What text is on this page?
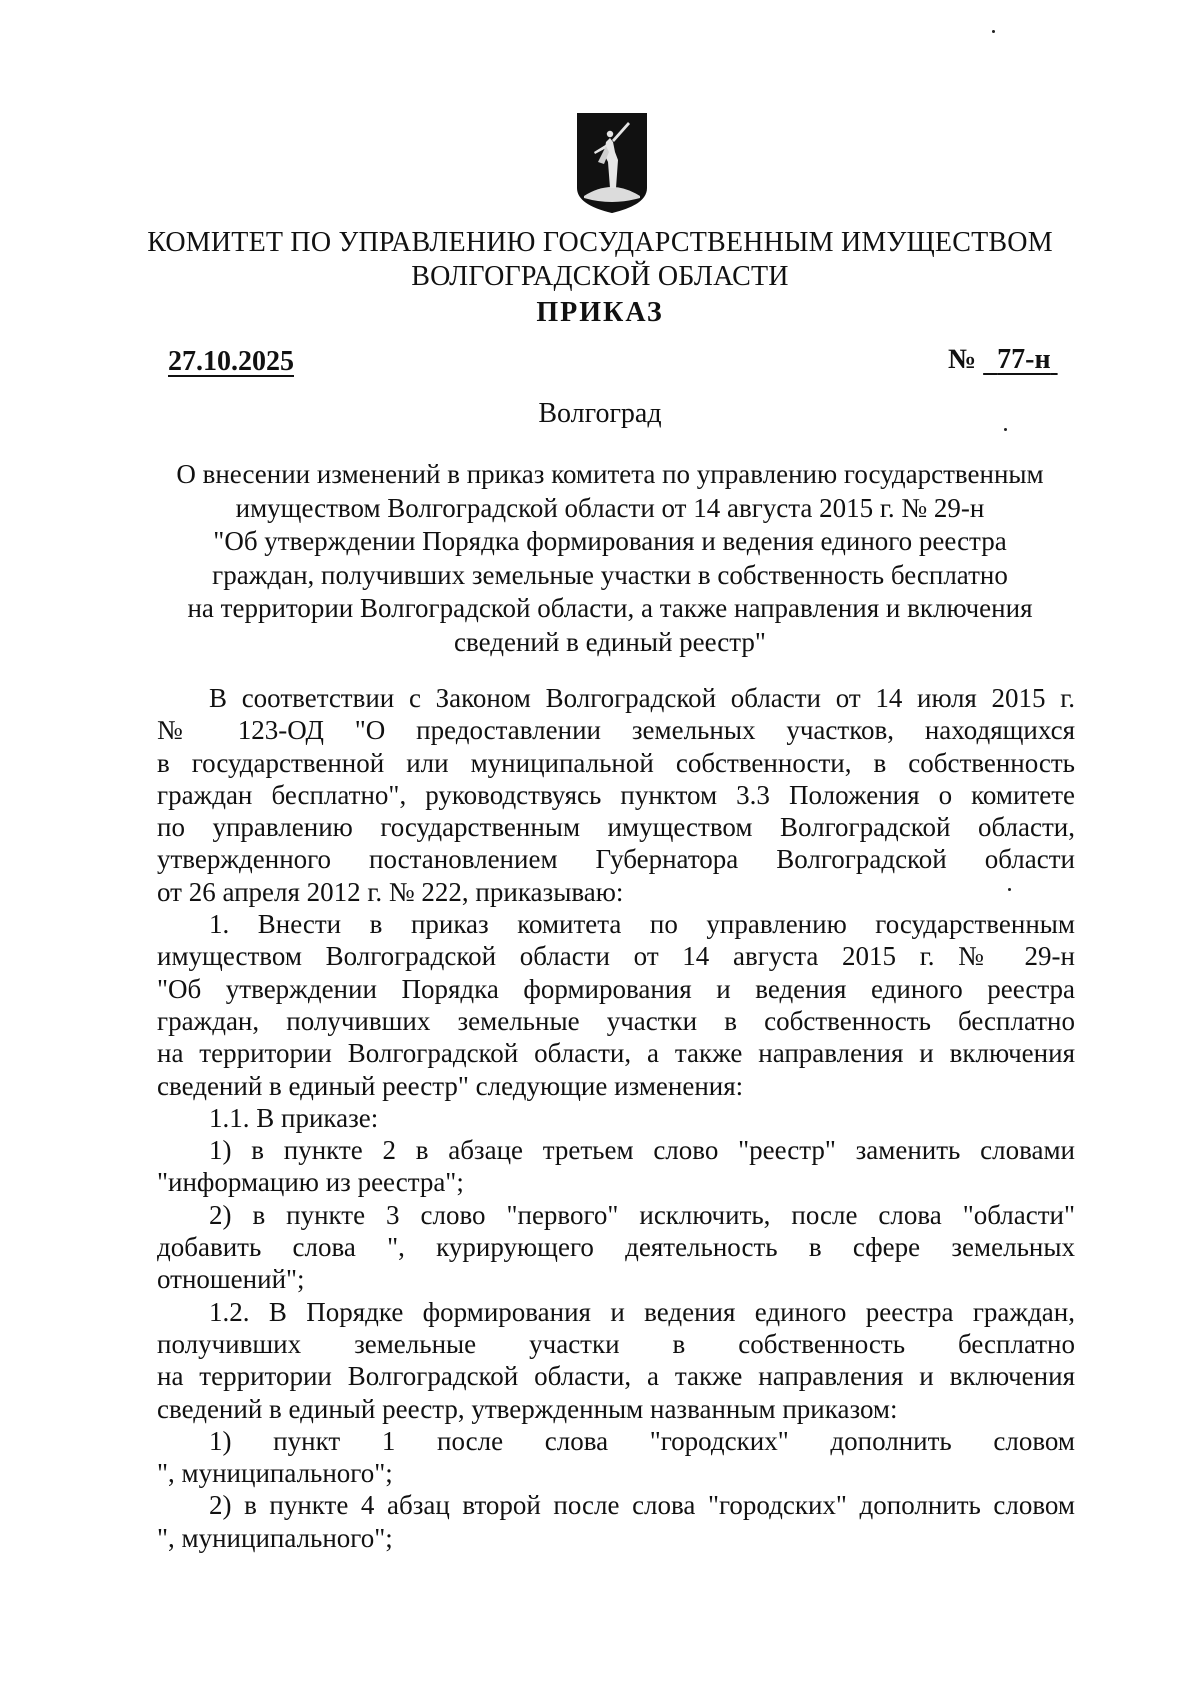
КОМИТЕТ ПО УПРАВЛЕНИЮ ГОСУДАРСТВЕННЫМ ИМУЩЕСТВОМ
ВОЛГОГРАДСКОЙ ОБЛАСТИ
ПРИКАЗ
27.10.2025	№ 77-н
Волгоград
О внесении изменений в приказ комитета по управлению государственным
имуществом Волгоградской области от 14 августа 2015 г. № 29-н
"Об утверждении Порядка формирования и ведения единого реестра
граждан, получивших земельные участки в собственность бесплатно
на территории Волгоградской области, а также направления и включения
сведений в единый реестр"
В соответствии с Законом Волгоградской области от 14 июля 2015 г.
№ 123-ОД "О предоставлении земельных участков, находящихся
в государственной или муниципальной собственности, в собственность
граждан бесплатно", руководствуясь пунктом 3.3 Положения о комитете
по управлению государственным имуществом Волгоградской области,
утвержденного постановлением Губернатора Волгоградской области
от 26 апреля 2012 г. № 222, приказываю:
1. Внести в приказ комитета по управлению государственным
имуществом Волгоградской области от 14 августа 2015 г. № 29-н
"Об утверждении Порядка формирования и ведения единого реестра
граждан, получивших земельные участки в собственность бесплатно
на территории Волгоградской области, а также направления и включения
сведений в единый реестр" следующие изменения:
1.1. В приказе:
1) в пункте 2 в абзаце третьем слово "реестр" заменить словами
"информацию из реестра";
2) в пункте 3 слово "первого" исключить, после слова "области"
добавить слова ", курирующего деятельность в сфере земельных
отношений";
1.2. В Порядке формирования и ведения единого реестра граждан,
получивших земельные участки в собственность бесплатно
на территории Волгоградской области, а также направления и включения
сведений в единый реестр, утвержденным названным приказом:
1) пункт 1 после слова "городских" дополнить словом
", муниципального";
2) в пункте 4 абзац второй после слова "городских" дополнить словом
", муниципального";
